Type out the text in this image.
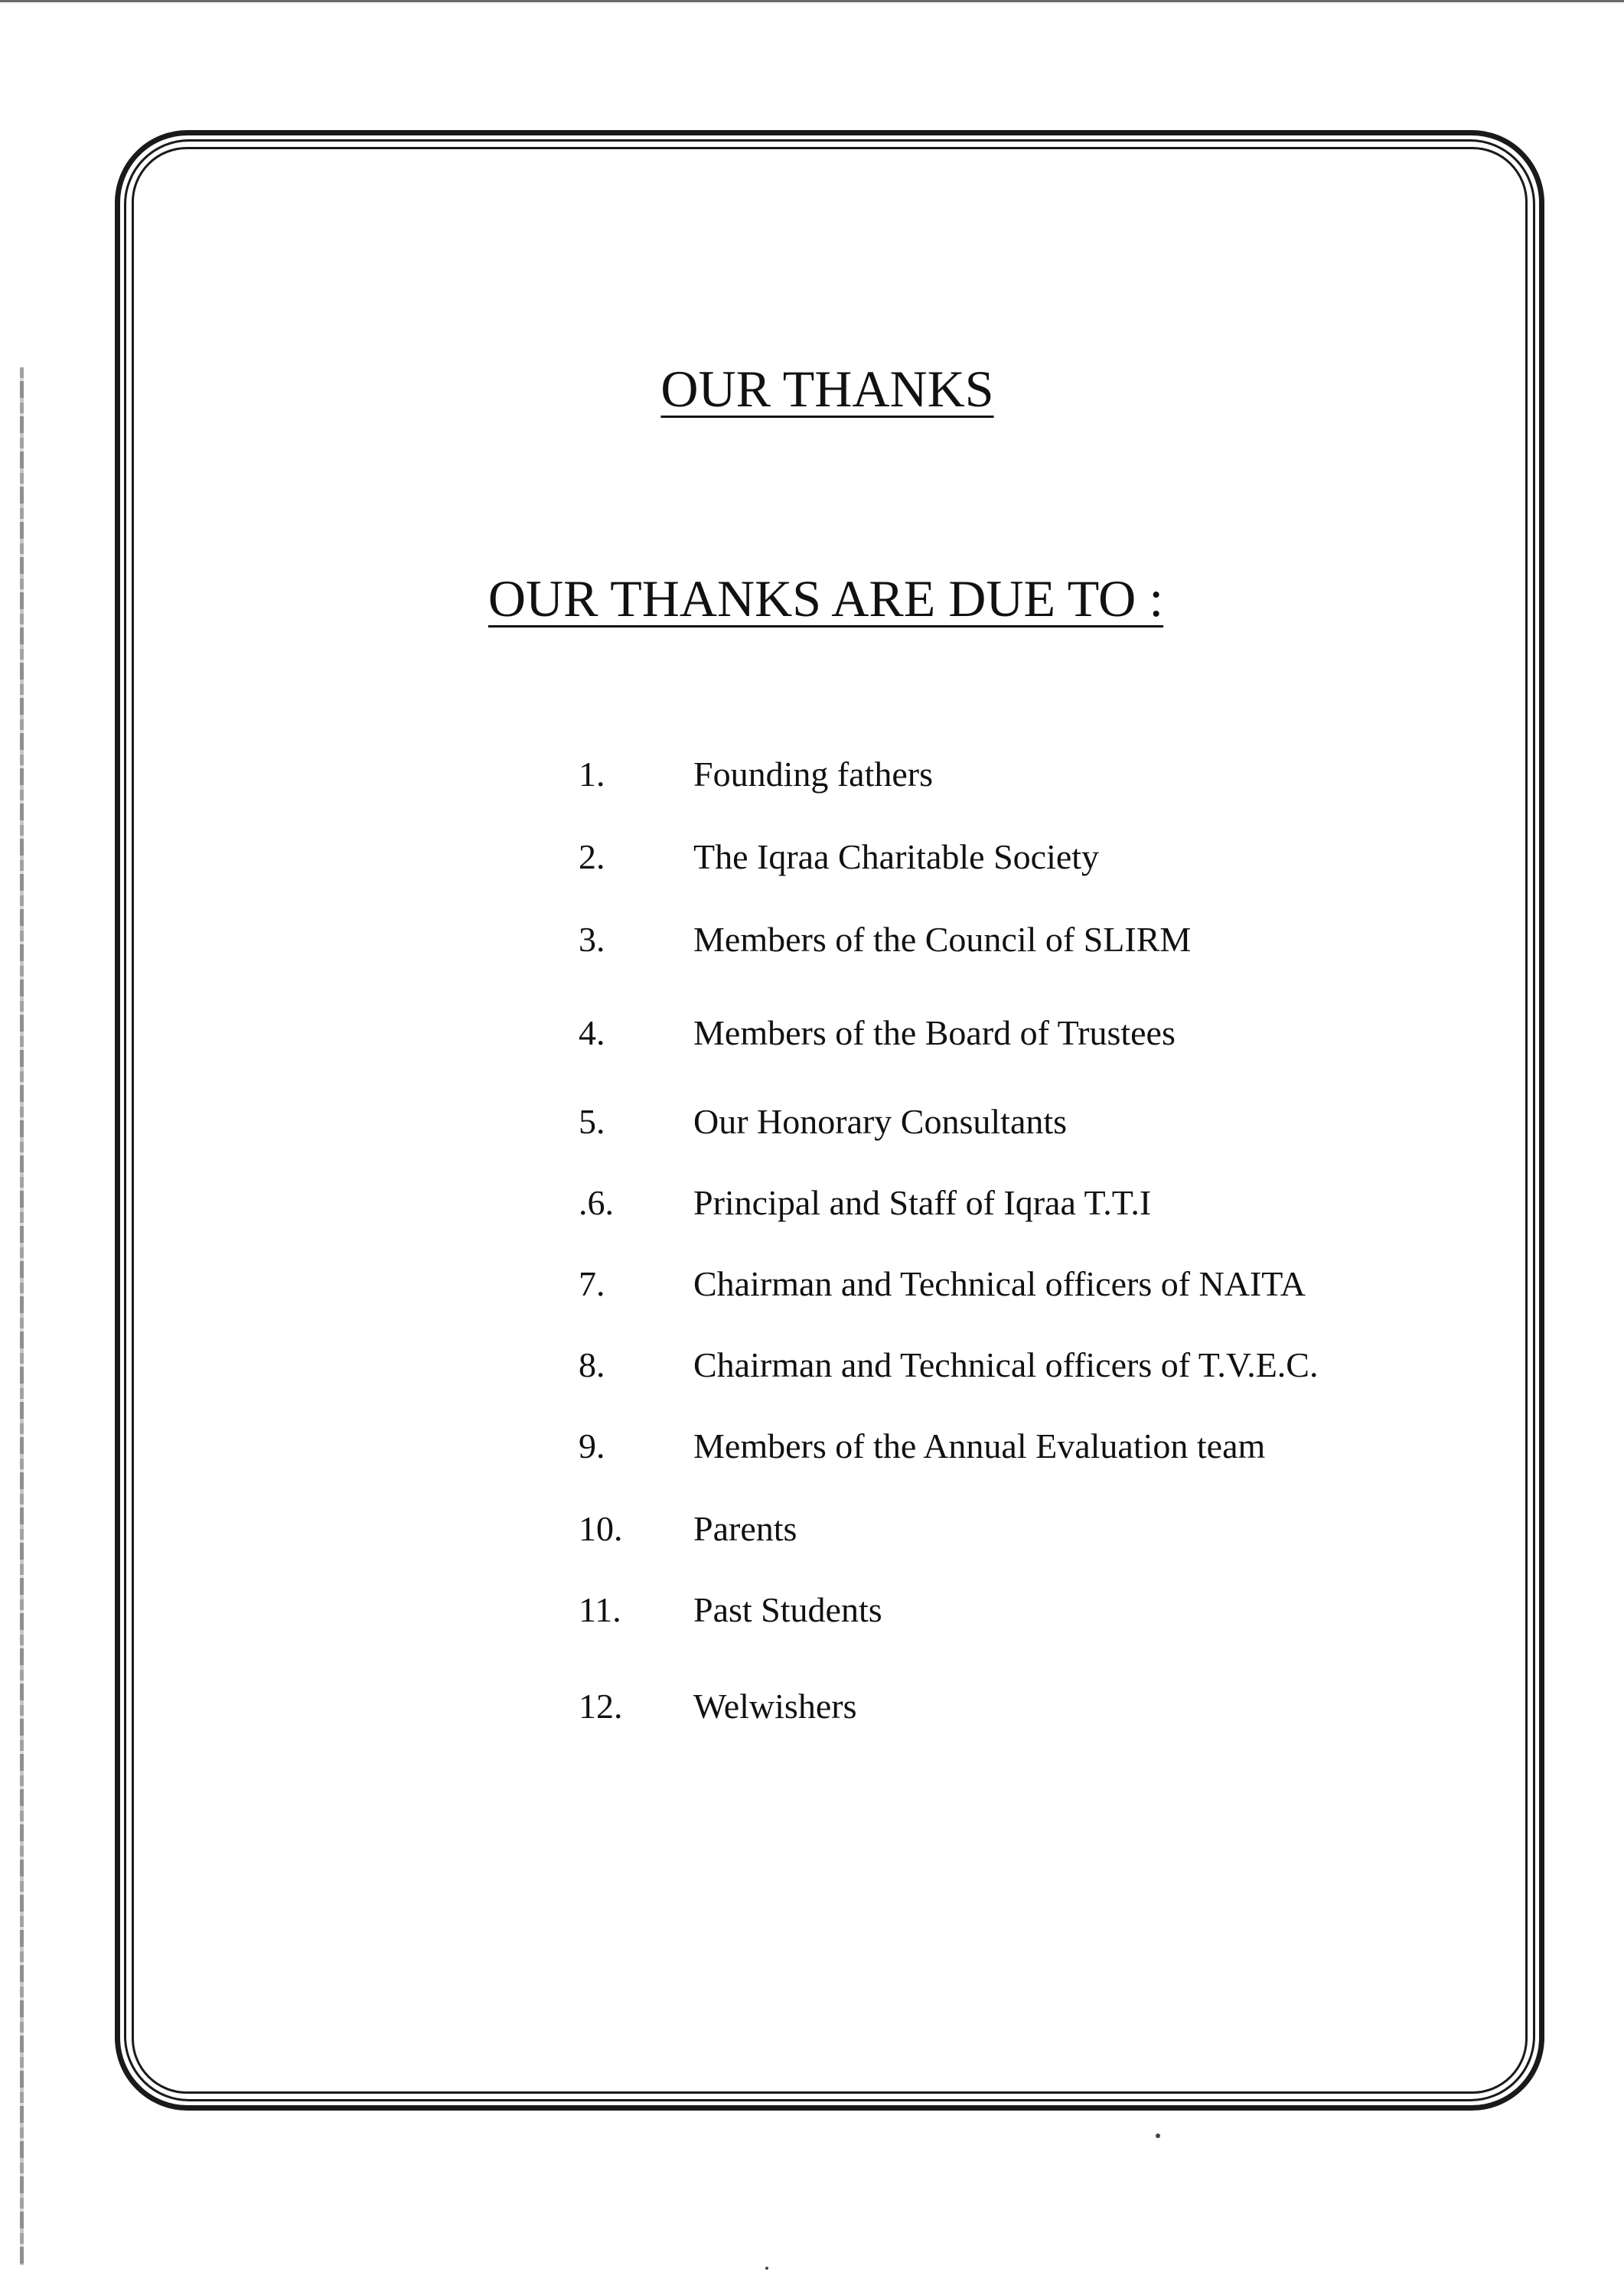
OUR THANKS
OUR THANKS ARE DUE TO :
1.	Founding fathers
2.	The Iqraa Charitable Society
3.	Members of the Council of SLIRM
4.	Members of the Board of Trustees
5.	Our Honorary Consultants
.6.	Principal and Staff of Iqraa T.T.I
7.	Chairman and Technical officers of NAITA
8.	Chairman and Technical officers of T.V.E.C.
9.	Members of the Annual Evaluation team
10.	Parents
11.	Past Students
12.	Welwishers
